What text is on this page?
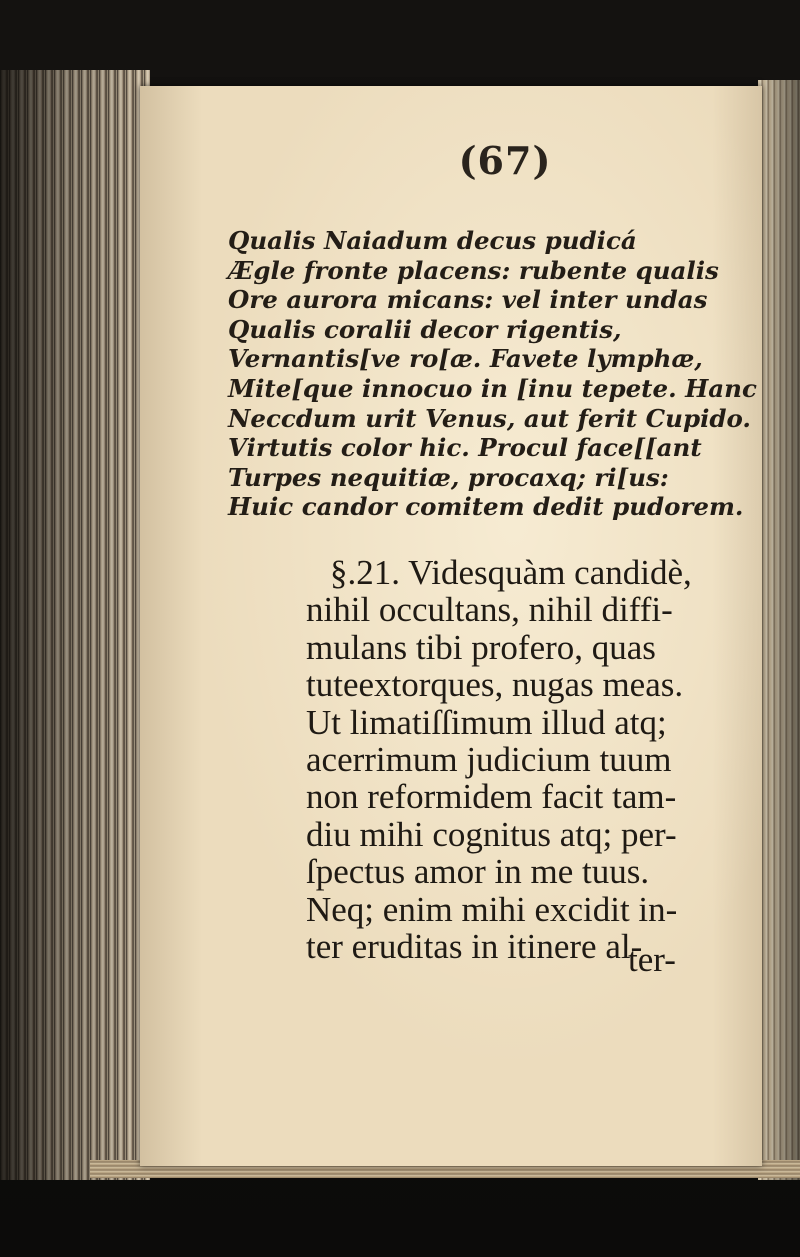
(67)
Qualis Naiadum decus pudicá
Ægle fronte placens: rubente qualis
Ore aurora micans: vel inter undas
Qualis coralii decor rigentis,
Vernantis[ve ro[æ. Favete lymphæ,
Mite[que innocuo in [inu tepete. Hanc
Neccdum urit Venus, aut ferit Cupido.
Virtutis color hic. Procul face[[ant
Turpes nequitiæ, procaxq; ri[us:
Huic candor comitem dedit pudorem.
§.21. Videsquàm candidè,
nihil occultans, nihil diffi-
mulans tibi profero, quas
tuteextorques, nugas meas.
Ut limatiſſimum illud atq;
acerrimum judicium tuum
non reformidem facit tam-
diu mihi cognitus atq; per-
ſpectus amor in me tuus.
Neq; enim mihi excidit in-
ter eruditas in itinere al-
ter-
